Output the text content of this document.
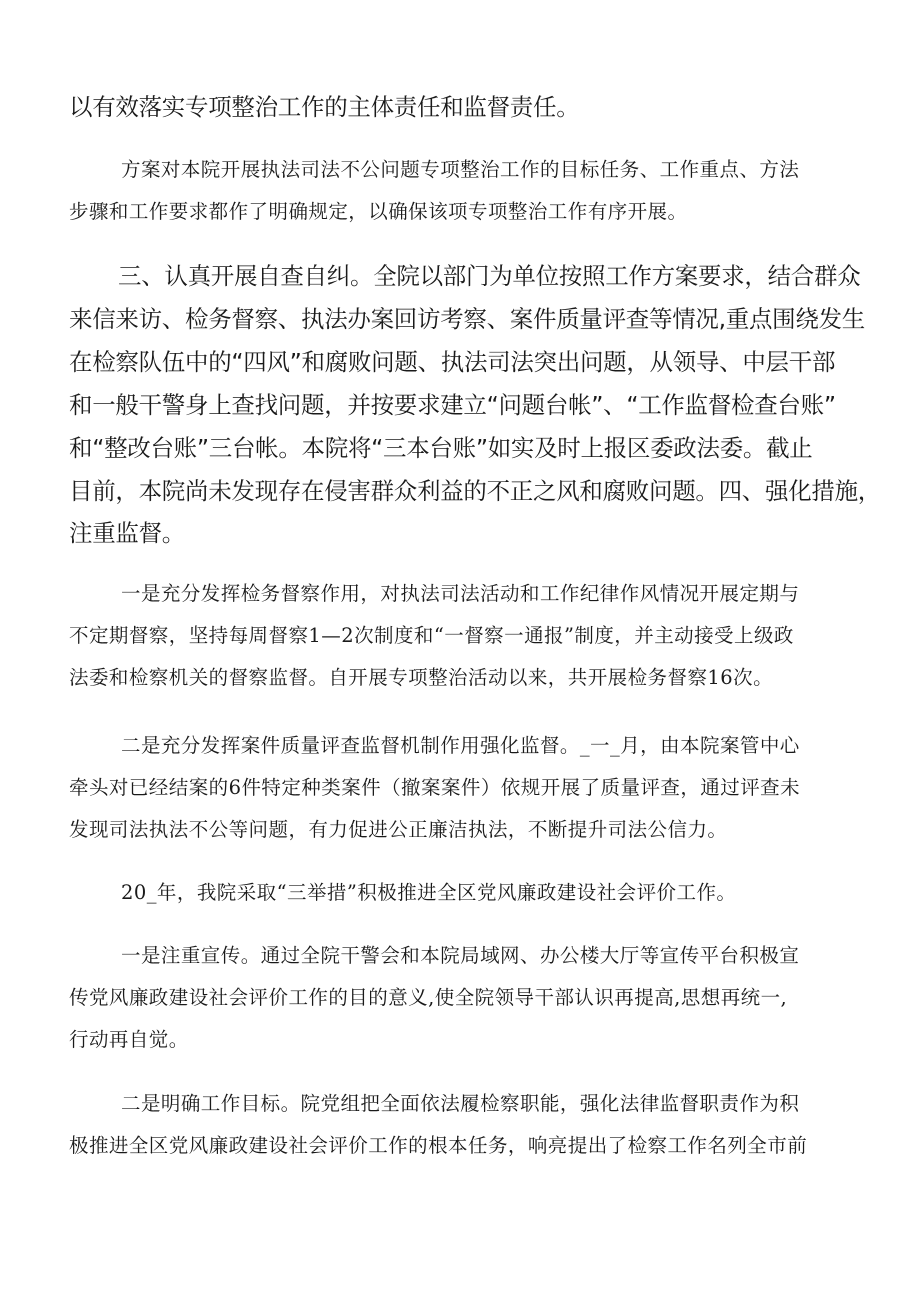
以有效落实专项整治工作的主体责任和监督责任。
方案对本院开展执法司法不公问题专项整治工作的目标任务、工作重点、方法
步骤和工作要求都作了明确规定，以确保该项专项整治工作有序开展。
三、认真开展自查自纠。全院以部门为单位按照工作方案要求，结合群众
来信来访、检务督察、执法办案回访考察、案件质量评查等情况,重点围绕发生
在检察队伍中的“四风”和腐败问题、执法司法突出问题，从领导、中层干部
和一般干警身上查找问题，并按要求建立“问题台帐”、“工作监督检查台账”
和“整改台账”三台帐。本院将“三本台账”如实及时上报区委政法委。截止
目前，本院尚未发现存在侵害群众利益的不正之风和腐败问题。四、强化措施，
注重监督。
一是充分发挥检务督察作用，对执法司法活动和工作纪律作风情况开展定期与
不定期督察，坚持每周督察1—2次制度和“一督察一通报”制度，并主动接受上级政
法委和检察机关的督察监督。自开展专项整治活动以来，共开展检务督察16次。
二是充分发挥案件质量评查监督机制作用强化监督。_一_月，由本院案管中心
牵头对已经结案的6件特定种类案件（撤案案件）依规开展了质量评查，通过评查未
发现司法执法不公等问题，有力促进公正廉洁执法，不断提升司法公信力。
20_年，我院采取“三举措”积极推进全区党风廉政建设社会评价工作。
一是注重宣传。通过全院干警会和本院局域网、办公楼大厅等宣传平台积极宣
传党风廉政建设社会评价工作的目的意义,使全院领导干部认识再提高,思想再统一,
行动再自觉。
二是明确工作目标。院党组把全面依法履检察职能，强化法律监督职责作为积
极推进全区党风廉政建设社会评价工作的根本任务，响亮提出了检察工作名列全市前
